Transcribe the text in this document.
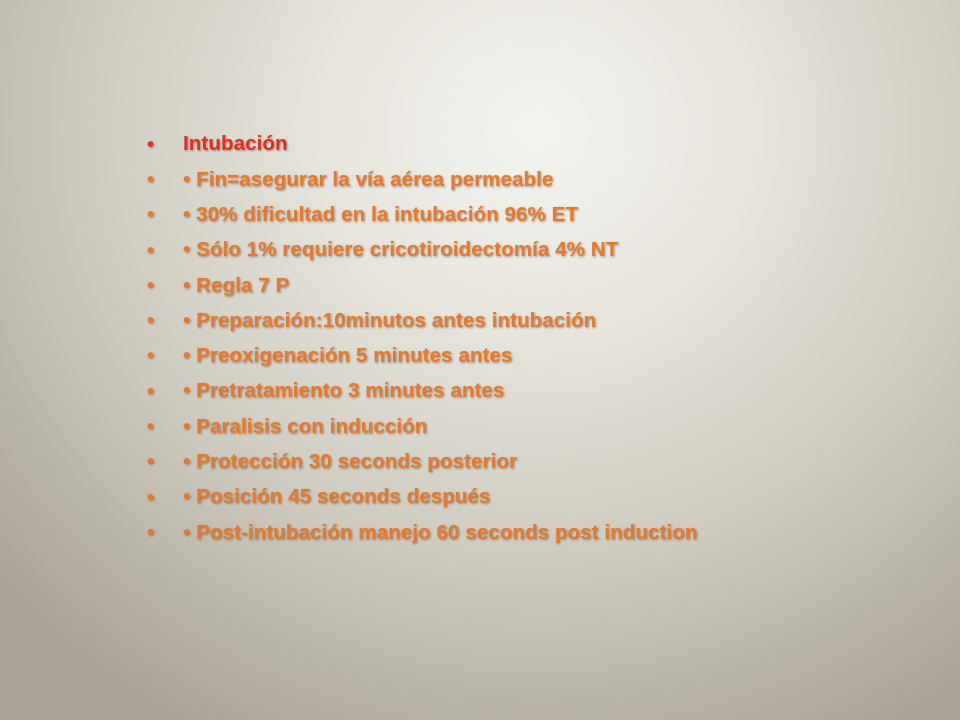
•	Intubación
•	• Fin=asegurar la vía aérea permeable
•	• 30% dificultad en la intubación 96% ET
•	• Sólo 1% requiere cricotiroidectomía 4% NT
•	• Regla 7 P
•	• Preparación:10minutos antes intubación
•	• Preoxigenación 5 minutes antes
•	• Pretratamiento 3 minutes antes
•	• Paralisis con inducción
•	• Protección 30 seconds posterior
•	• Posición 45 seconds después
•	• Post-intubación manejo 60 seconds post induction
